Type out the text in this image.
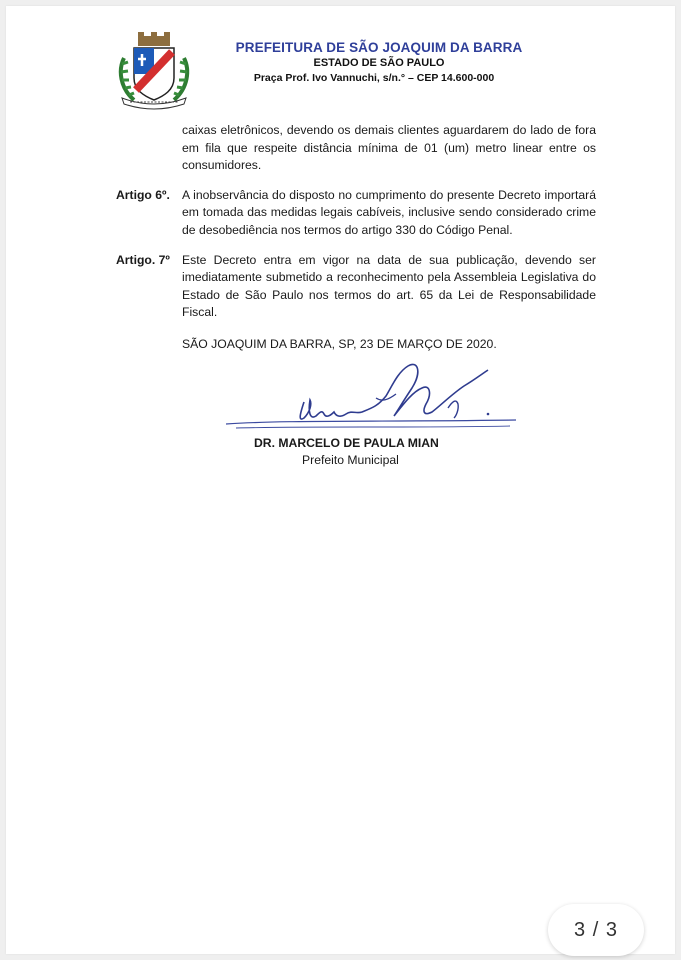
PREFEITURA DE SÃO JOAQUIM DA BARRA
ESTADO DE SÃO PAULO
Praça Prof. Ivo Vannuchi, s/n.° – CEP 14.600-000
caixas eletrônicos, devendo os demais clientes aguardarem do lado de fora em fila que respeite distância mínima de 01 (um) metro linear entre os consumidores.
Artigo 6º. A inobservância do disposto no cumprimento do presente Decreto importará em tomada das medidas legais cabíveis, inclusive sendo considerado crime de desobediência nos termos do artigo 330 do Código Penal.
Artigo. 7º Este Decreto entra em vigor na data de sua publicação, devendo ser imediatamente submetido a reconhecimento pela Assembleia Legislativa do Estado de São Paulo nos termos do art. 65 da Lei de Responsabilidade Fiscal.
SÃO JOAQUIM DA BARRA, SP, 23 DE MARÇO DE 2020.
DR. MARCELO DE PAULA MIAN
Prefeito Municipal
3 / 3
